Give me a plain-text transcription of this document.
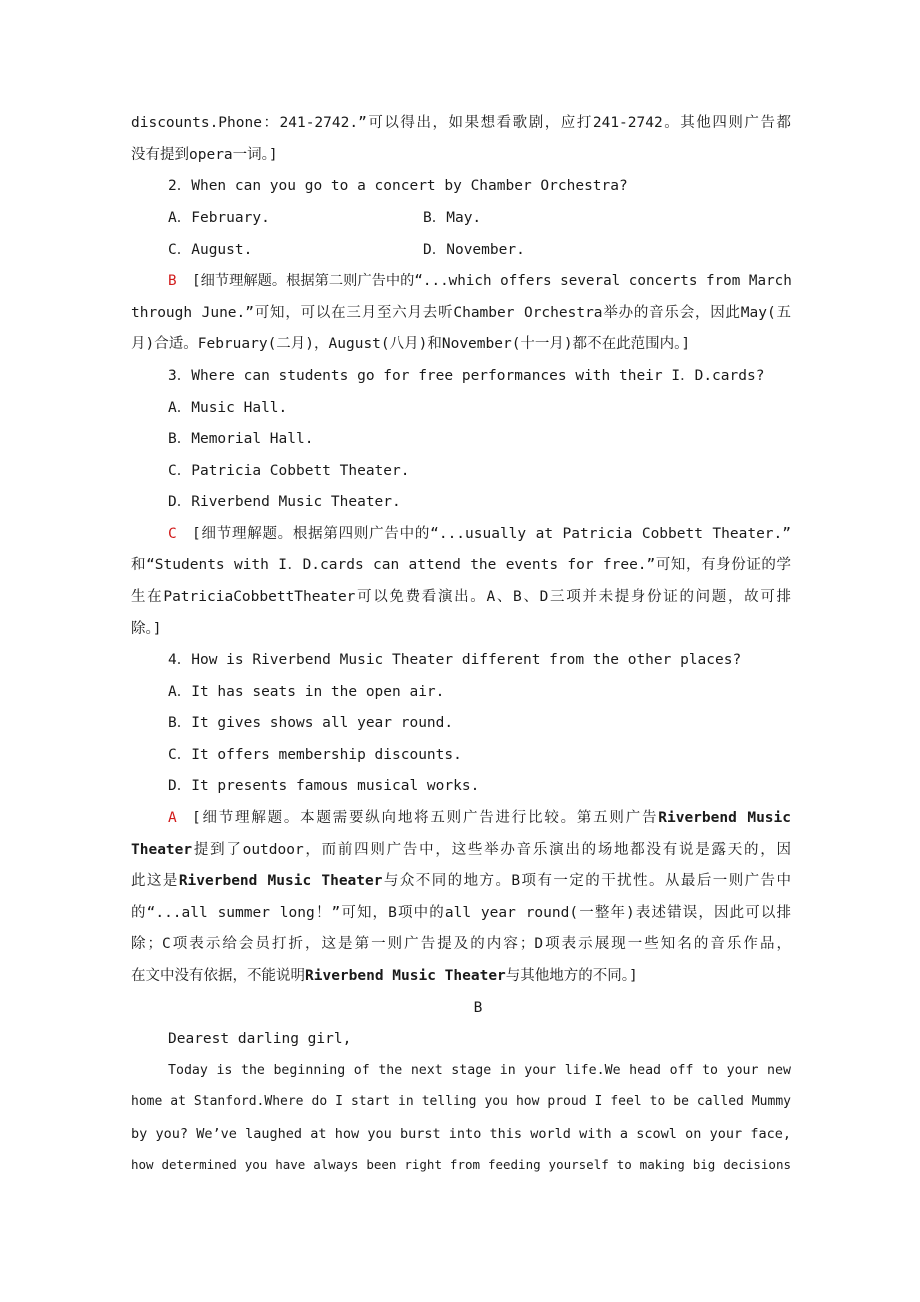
discounts.Phone：241-2742.”可以得出，如果想看歌剧，应打241-2742。其他四则广告都
没有提到opera一词。]
2．When can you go to a concert by Chamber Orchestra?
A．February.	B．May.
C．August.	D．November.
B [细节理解题。根据第二则广告中的“...which offers several concerts from March
through June.”可知，可以在三月至六月去听Chamber Orchestra举办的音乐会，因此May(五
月)合适。February(二月)，August(八月)和November(十一月)都不在此范围内。]
3．Where can students go for free performances with their I．D.cards?
A．Music Hall.
B．Memorial Hall.
C．Patricia Cobbett Theater.
D．Riverbend Music Theater.
C [细节理解题。根据第四则广告中的“...usually at Patricia Cobbett Theater.”
和“Students with I．D.cards can attend the events for free.”可知，有身份证的学
生在PatriciaCobbettTheater可以免费看演出。A、B、D三项并未提身份证的问题，故可排
除。]
4．How is Riverbend Music Theater different from the other places?
A．It has seats in the open air.
B．It gives shows all year round.
C．It offers membership discounts.
D．It presents famous musical works.
A [细节理解题。本题需要纵向地将五则广告进行比较。第五则广告Riverbend Music
Theater提到了outdoor，而前四则广告中，这些举办音乐演出的场地都没有说是露天的，因
此这是Riverbend Music Theater与众不同的地方。B项有一定的干扰性。从最后一则广告中
的“...all summer long！”可知，B项中的all year round(一整年)表述错误，因此可以排
除；C项表示给会员打折，这是第一则广告提及的内容；D项表示展现一些知名的音乐作品，
在文中没有依据，不能说明Riverbend Music Theater与其他地方的不同。]
B
Dearest darling girl,
Today is the beginning of the next stage in your life.We head off to your new
home at Stanford.Where do I start in telling you how proud I feel to be called Mummy
by you? We’ve laughed at how you burst into this world with a scowl on your face,
how determined you have always been right from feeding yourself to making big decisions
